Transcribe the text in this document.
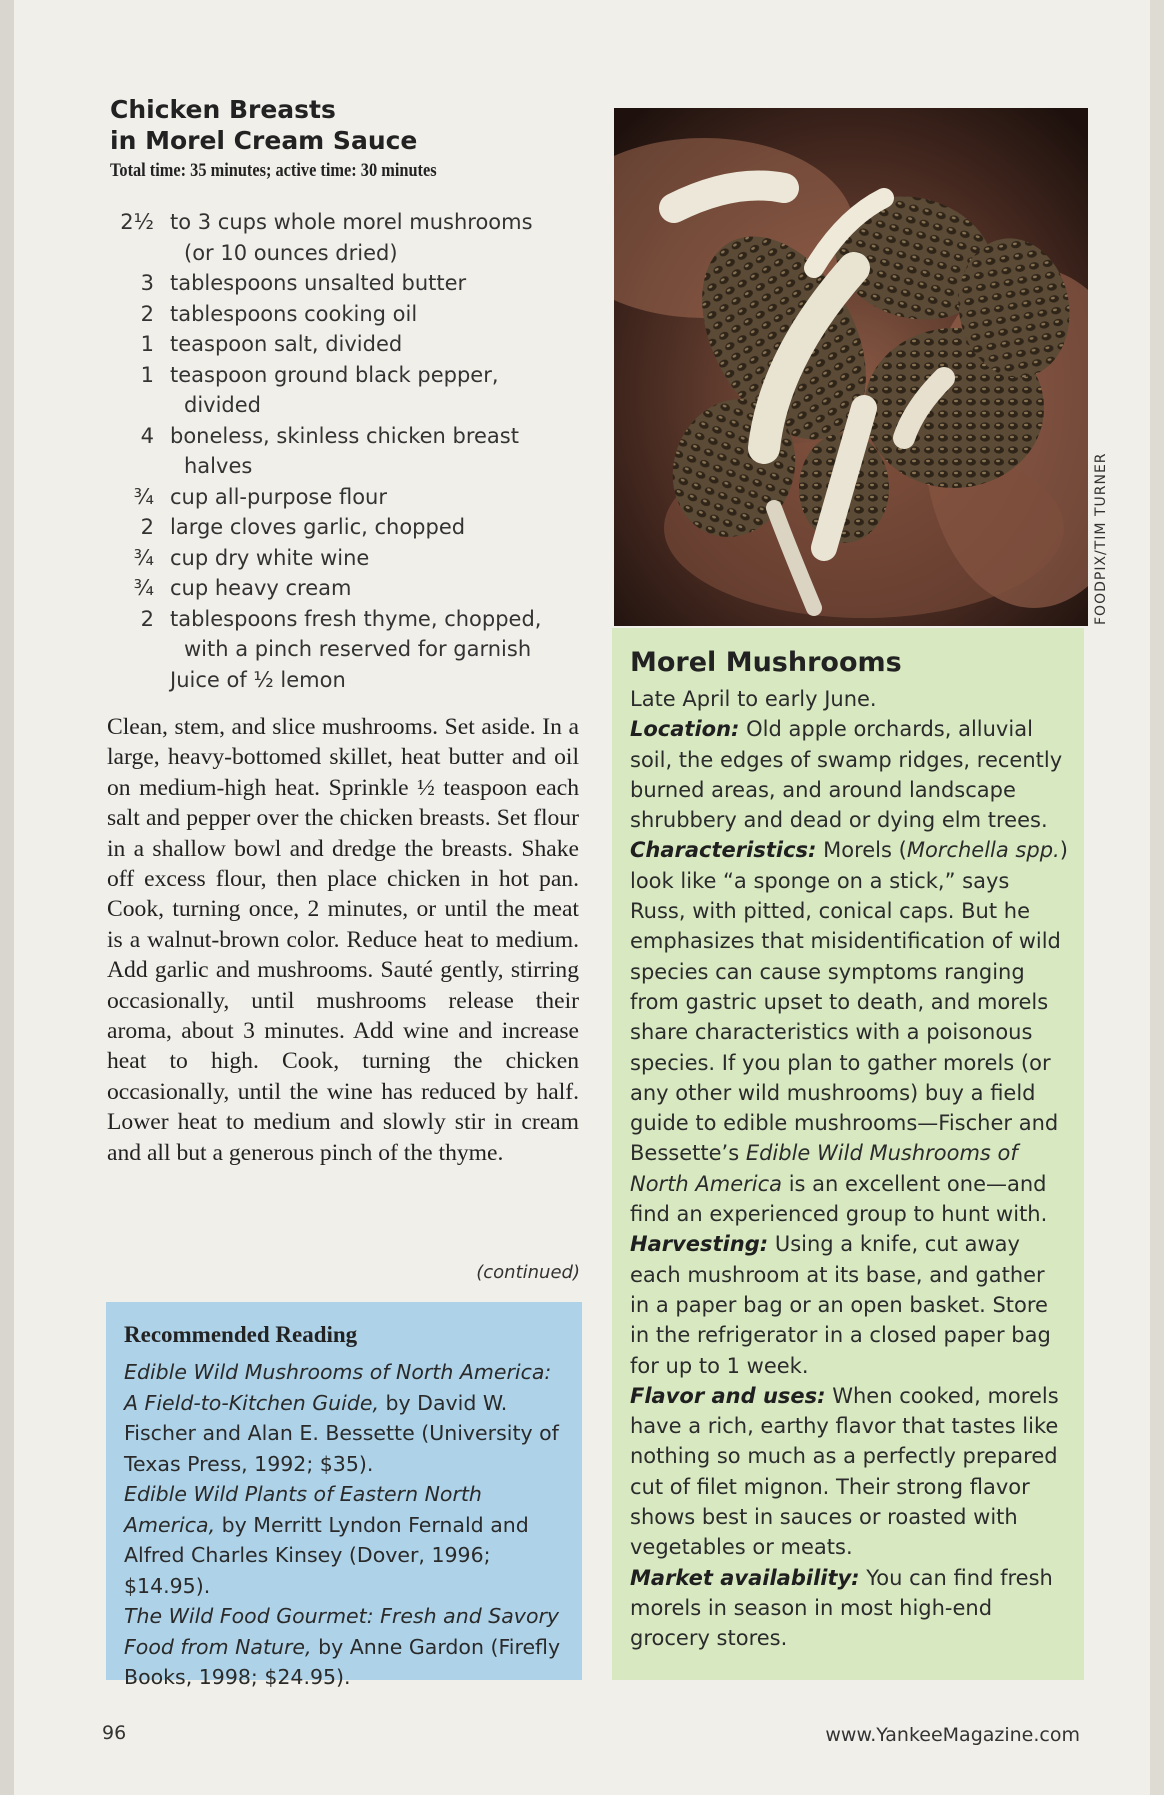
Chicken Breasts
in Morel Cream Sauce
Total time: 35 minutes; active time: 30 minutes
2½ to 3 cups whole morel mushrooms
(or 10 ounces dried)
3 tablespoons unsalted butter
2 tablespoons cooking oil
1 teaspoon salt, divided
1 teaspoon ground black pepper,
divided
4 boneless, skinless chicken breast
halves
¾ cup all-purpose flour
2 large cloves garlic, chopped
¾ cup dry white wine
¾ cup heavy cream
2 tablespoons fresh thyme, chopped,
with a pinch reserved for garnish
Juice of ½ lemon
Clean, stem, and slice mushrooms. Set aside. In a large, heavy-bottomed skillet, heat butter and oil on medium-high heat. Sprinkle ½ teaspoon each salt and pepper over the chicken breasts. Set flour in a shallow bowl and dredge the breasts. Shake off excess flour, then place chicken in hot pan. Cook, turning once, 2 minutes, or until the meat is a walnut-brown color. Reduce heat to medium. Add garlic and mushrooms. Sauté gently, stirring occasionally, until mushrooms release their aroma, about 3 minutes. Add wine and increase heat to high. Cook, turning the chicken occasionally, until the wine has reduced by half. Lower heat to medium and slowly stir in cream and all but a generous pinch of the thyme.
(continued)
Recommended Reading
Edible Wild Mushrooms of North America: A Field-to-Kitchen Guide, by David W. Fischer and Alan E. Bessette (University of Texas Press, 1992; $35).
Edible Wild Plants of Eastern North America, by Merritt Lyndon Fernald and Alfred Charles Kinsey (Dover, 1996; $14.95).
The Wild Food Gourmet: Fresh and Savory Food from Nature, by Anne Gardon (Firefly Books, 1998; $24.95).
FOODPIX/TIM TURNER
Morel Mushrooms
Late April to early June.
Location: Old apple orchards, alluvial soil, the edges of swamp ridges, recently burned areas, and around landscape shrubbery and dead or dying elm trees.
Characteristics: Morels (Morchella spp.) look like “a sponge on a stick,” says Russ, with pitted, conical caps. But he emphasizes that misidentification of wild species can cause symptoms ranging from gastric upset to death, and morels share characteristics with a poisonous species. If you plan to gather morels (or any other wild mushrooms) buy a field guide to edible mushrooms—Fischer and Bessette’s Edible Wild Mushrooms of North America is an excellent one—and find an experienced group to hunt with.
Harvesting: Using a knife, cut away each mushroom at its base, and gather in a paper bag or an open basket. Store in the refrigerator in a closed paper bag for up to 1 week.
Flavor and uses: When cooked, morels have a rich, earthy flavor that tastes like nothing so much as a perfectly prepared cut of filet mignon. Their strong flavor shows best in sauces or roasted with vegetables or meats.
Market availability: You can find fresh morels in season in most high-end grocery stores.
96	www.YankeeMagazine.com
